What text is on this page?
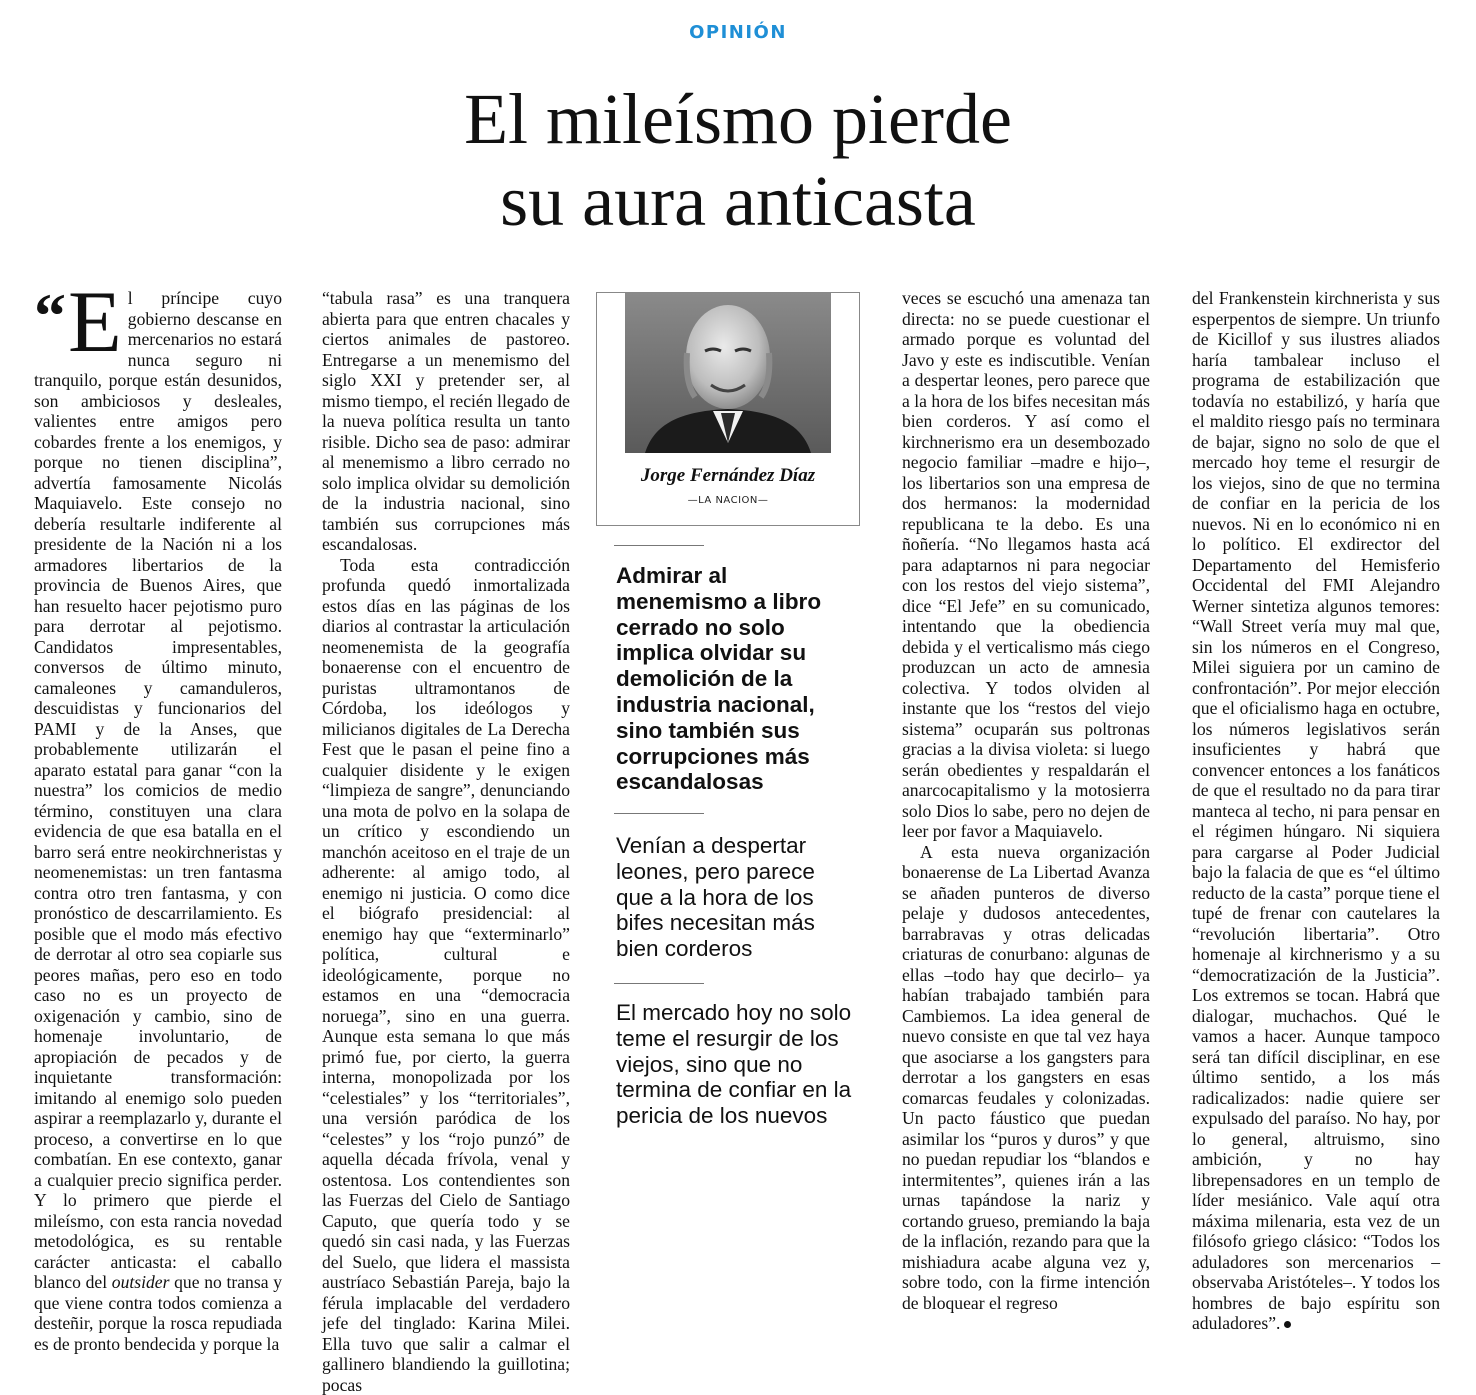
OPINIÓN
El mileísmo pierde
su aura anticasta

“ E l príncipe cuyo gobierno descanse en mercenarios no estará nunca seguro ni tranquilo, porque están desunidos, son ambiciosos y desleales, valientes entre amigos pero cobardes frente a los enemigos, y porque no tienen disciplina”, advertía famosamente Nicolás Maquiavelo. Este consejo no debería resultarle indiferente al presidente de la Nación ni a los armadores libertarios de la provincia de Buenos Aires, que han resuelto hacer pejotismo puro para derrotar al pejotismo. Candidatos impresentables, conversos de último minuto, camaleones y camanduleros, descuidistas y funcionarios del PAMI y de la Anses, que probablemente utilizarán el aparato estatal para ganar “con la nuestra” los comicios de medio término, constituyen una clara evidencia de que esa batalla en el barro será entre neokirchneristas y neomenemistas: un tren fantasma contra otro tren fantasma, y con pronóstico de descarrilamiento. Es posible que el modo más efectivo de derrotar al otro sea copiarle sus peores mañas, pero eso en todo caso no es un proyecto de oxigenación y cambio, sino de homenaje involuntario, de apropiación de pecados y de inquietante transformación: imitando al enemigo solo pueden aspirar a reemplazarlo y, durante el proceso, a convertirse en lo que combatían. En ese contexto, ganar a cualquier precio significa perder. Y lo primero que pierde el mileísmo, con esta rancia novedad metodológica, es su rentable carácter anticasta: el caballo blanco del outsider que no transa y que viene contra todos comienza a desteñir, porque la rosca repudiada es de pronto bendecida y porque la

“tabula rasa” es una tranquera abierta para que entren chacales y ciertos animales de pastoreo. Entregarse a un menemismo del siglo XXI y pretender ser, al mismo tiempo, el recién llegado de la nueva política resulta un tanto risible. Dicho sea de paso: admirar al menemismo a libro cerrado no solo implica olvidar su demolición de la industria nacional, sino también sus corrupciones más escandalosas.

Toda esta contradicción profunda quedó inmortalizada estos días en las páginas de los diarios al contrastar la articulación neomenemista de la geografía bonaerense con el encuentro de puristas ultramontanos de Córdoba, los ideólogos y milicianos digitales de La Derecha Fest que le pasan el peine fino a cualquier disidente y le exigen “limpieza de sangre”, denunciando una mota de polvo en la solapa de un crítico y escondiendo un manchón aceitoso en el traje de un adherente: al amigo todo, al enemigo ni justicia. O como dice el biógrafo presidencial: al enemigo hay que “exterminarlo” política, cultural e ideológicamente, porque no estamos en una “democracia noruega”, sino en una guerra. Aunque esta semana lo que más primó fue, por cierto, la guerra interna, monopolizada por los “celestiales” y los “territoriales”, una versión paródica de los “celestes” y los “rojo punzó” de aquella década frívola, venal y ostentosa. Los contendientes son las Fuerzas del Cielo de Santiago Caputo, que quería todo y se quedó sin casi nada, y las Fuerzas del Suelo, que lidera el massista austríaco Sebastián Pareja, bajo la férula implacable del verdadero jefe del tinglado: Karina Milei. Ella tuvo que salir a calmar el gallinero blandiendo la guillotina; pocas

Jorge Fernández Díaz
—LA NACION—
Admirar al menemismo a libro cerrado no solo implica olvidar su demolición de la industria nacional, sino también sus corrupciones más escandalosas
Venían a despertar leones, pero parece que a la hora de los bifes necesitan más bien corderos
El mercado hoy no solo teme el resurgir de los viejos, sino que no termina de confiar en la pericia de los nuevos

veces se escuchó una amenaza tan directa: no se puede cuestionar el armado porque es voluntad del Javo y este es indiscutible. Venían a despertar leones, pero parece que a la hora de los bifes necesitan más bien corderos. Y así como el kirchnerismo era un desembozado negocio familiar –madre e hijo–, los libertarios son una empresa de dos hermanos: la modernidad republicana te la debo. Es una ñoñería. “No llegamos hasta acá para adaptarnos ni para negociar con los restos del viejo sistema”, dice “El Jefe” en su comunicado, intentando que la obediencia debida y el verticalismo más ciego produzcan un acto de amnesia colectiva. Y todos olviden al instante que los “restos del viejo sistema” ocuparán sus poltronas gracias a la divisa violeta: si luego serán obedientes y respaldarán el anarcocapitalismo y la motosierra solo Dios lo sabe, pero no dejen de leer por favor a Maquiavelo.

A esta nueva organización bonaerense de La Libertad Avanza se añaden punteros de diverso pelaje y dudosos antecedentes, barrabravas y otras delicadas criaturas de conurbano: algunas de ellas –todo hay que decirlo– ya habían trabajado también para Cambiemos. La idea general de nuevo consiste en que tal vez haya que asociarse a los gangsters para derrotar a los gangsters en esas comarcas feudales y colonizadas. Un pacto fáustico que puedan asimilar los “puros y duros” y que no puedan repudiar los “blandos e intermitentes”, quienes irán a las urnas tapándose la nariz y cortando grueso, premiando la baja de la inflación, rezando para que la mishiadura acabe alguna vez y, sobre todo, con la firme intención de bloquear el regreso

del Frankenstein kirchnerista y sus esperpentos de siempre. Un triunfo de Kicillof y sus ilustres aliados haría tambalear incluso el programa de estabilización que todavía no estabilizó, y haría que el maldito riesgo país no terminara de bajar, signo no solo de que el mercado hoy teme el resurgir de los viejos, sino de que no termina de confiar en la pericia de los nuevos. Ni en lo económico ni en lo político. El exdirector del Departamento del Hemisferio Occidental del FMI Alejandro Werner sintetiza algunos temores: “Wall Street vería muy mal que, sin los números en el Congreso, Milei siguiera por un camino de confrontación”. Por mejor elección que el oficialismo haga en octubre, los números legislativos serán insuficientes y habrá que convencer entonces a los fanáticos de que el resultado no da para tirar manteca al techo, ni para pensar en el régimen húngaro. Ni siquiera para cargarse al Poder Judicial bajo la falacia de que es “el último reducto de la casta” porque tiene el tupé de frenar con cautelares la “revolución libertaria”. Otro homenaje al kirchnerismo y a su “democratización de la Justicia”. Los extremos se tocan. Habrá que dialogar, muchachos. Qué le vamos a hacer. Aunque tampoco será tan difícil disciplinar, en ese último sentido, a los más radicalizados: nadie quiere ser expulsado del paraíso. No hay, por lo general, altruismo, sino ambición, y no hay librepensadores en un templo de líder mesiánico. Vale aquí otra máxima milenaria, esta vez de un filósofo griego clásico: “Todos los aduladores son mercenarios –observaba Aristóteles–. Y todos los hombres de bajo espíritu son aduladores”.
